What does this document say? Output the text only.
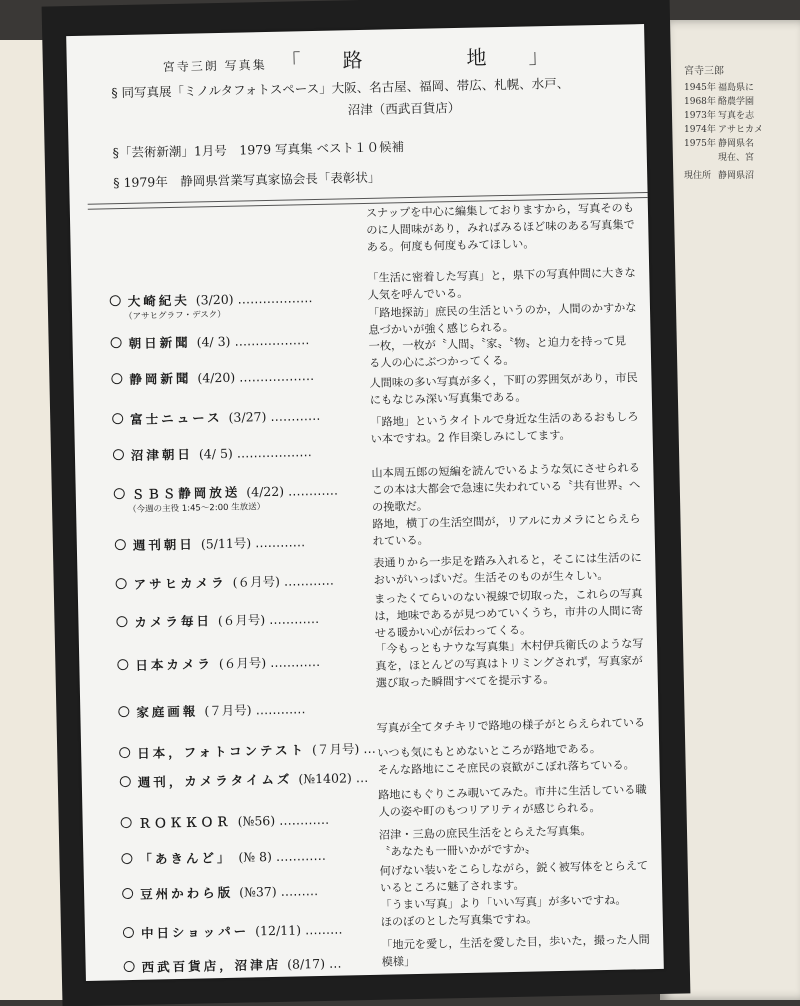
宮寺三郎
1945年 福島県に
1968年 酪農学園
1973年 写真を志
1974年 アサヒカメ
1975年 静岡県名
現在、宮
現住所 静岡県沼
宮寺三朗 写真集 「路　地」
§ 同写真展「ミノルタフォトスペース」大阪、名古屋、福岡、帯広、札幌、水戸、
沼津（西武百貨店）
§「芸術新潮」1月号　1979 写真集 ベスト１０候補
§ 1979年　静岡県営業写真家協会長「表彰状」
大崎紀夫 (3/20) ………………
（アサヒグラフ・デスク）
スナップを中心に編集しておりますから，写真そのも
のに人間味があり，みればみるほど味のある写真集で
ある。何度も何度もみてほしい。
朝日新聞 (4/ 3) ………………
「生活に密着した写真」と，県下の写真仲間に大きな
人気を呼んでいる。
静岡新聞 (4/20) ………………
「路地探訪」庶民の生活というのか，人間のかすかな
息づかいが強く感じられる。
富士ニュース (3/27) …………
一枚，一枚が〝人間〟〝家〟〝物〟と迫力を持って見
る人の心にぶつかってくる。
沼津朝日 (4/ 5) ………………
人間味の多い写真が多く，下町の雰囲気があり，市民
にもなじみ深い写真集である。
ＳＢＳ静岡放送 (4/22) …………
（今週の主役 1:45〜2:00 生放送）
「路地」というタイトルで身近な生活のあるおもしろ
い本ですね。2 作目楽しみにしてます。
週刊朝日 (5/11号) …………
山本周五郎の短編を読んでいるような気にさせられる
この本は大都会で急速に失われている〝共有世界〟へ
の挽歌だ。
アサヒカメラ (６月号) …………
路地，横丁の生活空間が，リアルにカメラにとらえら
れている。
カメラ毎日 (６月号) …………
表通りから一歩足を踏み入れると，そこには生活のに
おいがいっぱいだ。生活そのものが生々しい。
日本カメラ (６月号) …………
まったくてらいのない視線で切取った，これらの写真
は，地味であるが見つめていくうち，市井の人間に寄
せる暖かい心が伝わってくる。
家庭画報 (７月号) …………
「今もっともナウな写真集」木村伊兵衛氏のような写
真を，ほとんどの写真はトリミングされず，写真家が
選び取った瞬間すべてを提示する。
日本，フォトコンテスト (７月号) …
写真が全てタチキリで路地の様子がとらえられている
週刊，カメラタイムズ (№1402) …
いつも気にもとめないところが路地である。
そんな路地にこそ庶民の哀歓がこぼれ落ちている。
ＲＯＫＫＯＲ (№56) …………
路地にもぐりこみ覗いてみた。市井に生活している職
人の姿や町のもつリアリティが感じられる。
「あきんど」 (№ 8) …………
沼津・三島の庶民生活をとらえた写真集。
〝あなたも一冊いかがですか〟
豆州かわら版 (№37) ………
何げない装いをこらしながら，鋭く被写体をとらえて
いるところに魅了されます。
中日ショッパー (12/11) ………
「うまい写真」より「いい写真」が多いですね。
ほのぼのとした写真集ですね。
西武百貨店，沼津店 (8/17) …
「地元を愛し，生活を愛した目，歩いた，撮った人間
模様」
